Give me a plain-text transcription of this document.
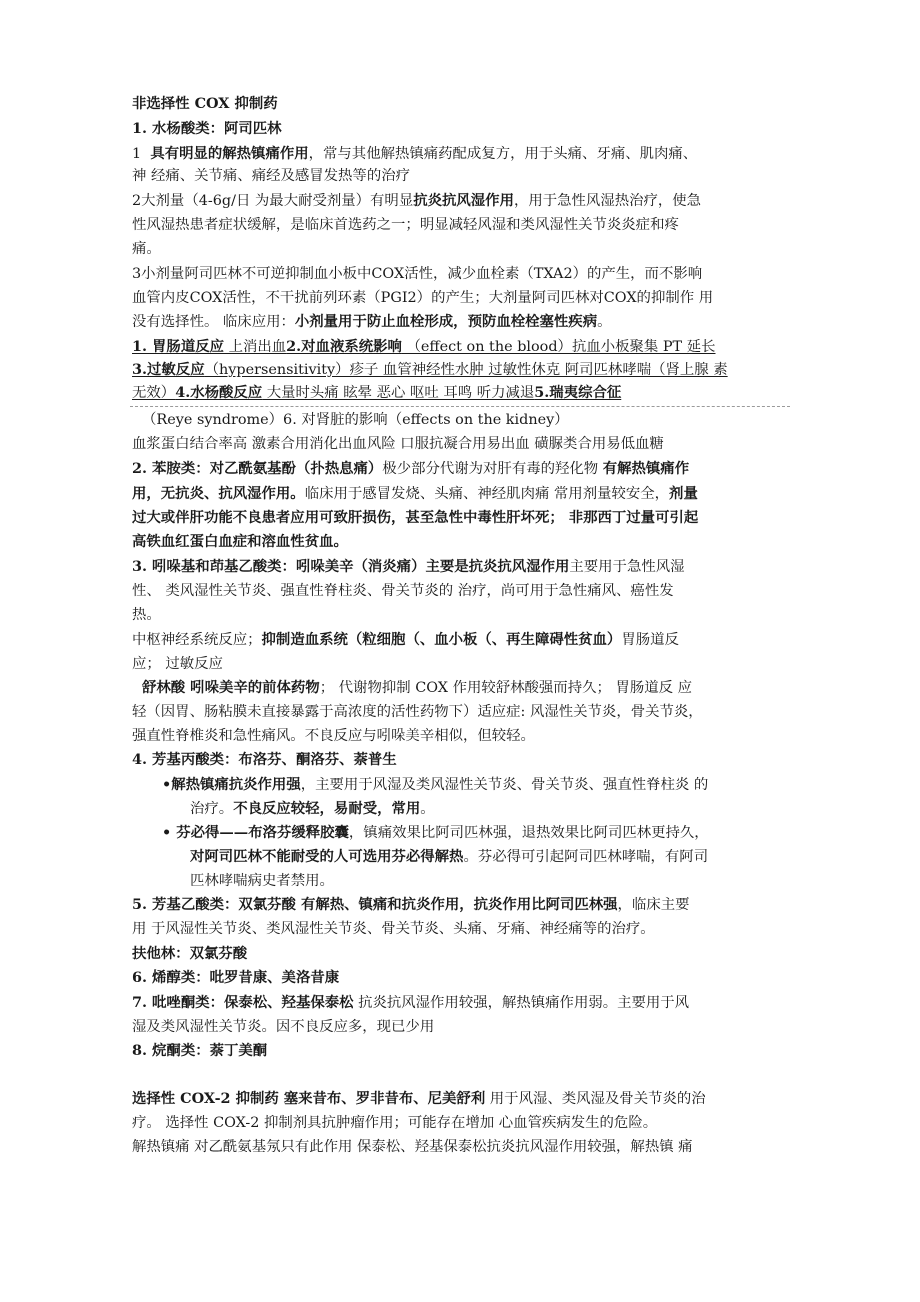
非选择性 COX 抑制药
1. 水杨酸类：阿司匹林
1 具有明显的解热镇痛作用，常与其他解热镇痛药配成复方，用于头痛、牙痛、肌肉痛、
神 经痛、关节痛、痛经及感冒发热等的治疗
2大剂量（4-6g/日 为最大耐受剂量）有明显抗炎抗风湿作用，用于急性风湿热治疗，使急
性风湿热患者症状缓解，是临床首选药之一；明显减轻风湿和类风湿性关节炎炎症和疼
痛。
3小剂量阿司匹林不可逆抑制血小板中COX活性，减少血栓素（TXA2）的产生，而不影响
血管内皮COX活性，不干扰前列环素（PGI2）的产生；大剂量阿司匹林对COX的抑制作 用
没有选择性。 临床应用：小剂量用于防止血栓形成，预防血栓栓塞性疾病。
1. 胃肠道反应 上消出血2.对血液系统影响 （effect on the blood）抗血小板聚集 PT 延长
3.过敏反应（hypersensitivity）疹子 血管神经性水肿 过敏性休克 阿司匹林哮喘（肾上腺 素
无效）4.水杨酸反应 大量时头痛 眩晕 恶心 呕吐 耳鸣 听力减退5.瑞夷综合征
（Reye syndrome）6. 对肾脏的影响（effects on the kidney）
血浆蛋白结合率高 激素合用消化出血风险 口服抗凝合用易出血 磺脲类合用易低血糖
2. 苯胺类：对乙酰氨基酚（扑热息痛）极少部分代谢为对肝有毒的羟化物 有解热镇痛作
用，无抗炎、抗风湿作用。临床用于感冒发烧、头痛、神经肌肉痛 常用剂量较安全，剂量
过大或伴肝功能不良患者应用可致肝损伤，甚至急性中毒性肝坏死； 非那西丁过量可引起
高铁血红蛋白血症和溶血性贫血。
3. 吲哚基和茚基乙酸类：吲哚美辛（消炎痛）主要是抗炎抗风湿作用主要用于急性风湿
性、 类风湿性关节炎、强直性脊柱炎、骨关节炎的 治疗，尚可用于急性痛风、癌性发
热。
中枢神经系统反应；抑制造血系统（粒细胞（、血小板（、再生障碍性贫血）胃肠道反
应； 过敏反应
舒林酸 吲哚美辛的前体药物； 代谢物抑制 COX 作用较舒林酸强而持久； 胃肠道反 应
轻（因胃、肠粘膜未直接暴露于高浓度的活性药物下）适应症: 风湿性关节炎，骨关节炎，
强直性脊椎炎和急性痛风。不良反应与吲哚美辛相似，但较轻。
4. 芳基丙酸类：布洛芬、酮洛芬、萘普生
•解热镇痛抗炎作用强，主要用于风湿及类风湿性关节炎、骨关节炎、强直性脊柱炎 的
治疗。不良反应较轻，易耐受，常用。
• 芬必得——布洛芬缓释胶囊，镇痛效果比阿司匹林强，退热效果比阿司匹林更持久，
对阿司匹林不能耐受的人可选用芬必得解热。芬必得可引起阿司匹林哮喘，有阿司
匹林哮喘病史者禁用。
5. 芳基乙酸类：双氯芬酸 有解热、镇痛和抗炎作用，抗炎作用比阿司匹林强，临床主要
用 于风湿性关节炎、类风湿性关节炎、骨关节炎、头痛、牙痛、神经痛等的治疗。
扶他林：双氯芬酸
6. 烯醇类：吡罗昔康、美洛昔康
7. 吡唑酮类：保泰松、羟基保泰松 抗炎抗风湿作用较强，解热镇痛作用弱。主要用于风
湿及类风湿性关节炎。因不良反应多，现已少用
8. 烷酮类：萘丁美酮
选择性 COX-2 抑制药 塞来昔布、罗非昔布、尼美舒利 用于风湿、类风湿及骨关节炎的治
疗。 选择性 COX-2 抑制剂具抗肿瘤作用；可能存在增加 心血管疾病发生的危险。
解热镇痛 对乙酰氨基氖只有此作用 保泰松、羟基保泰松抗炎抗风湿作用较强，解热镇 痛
